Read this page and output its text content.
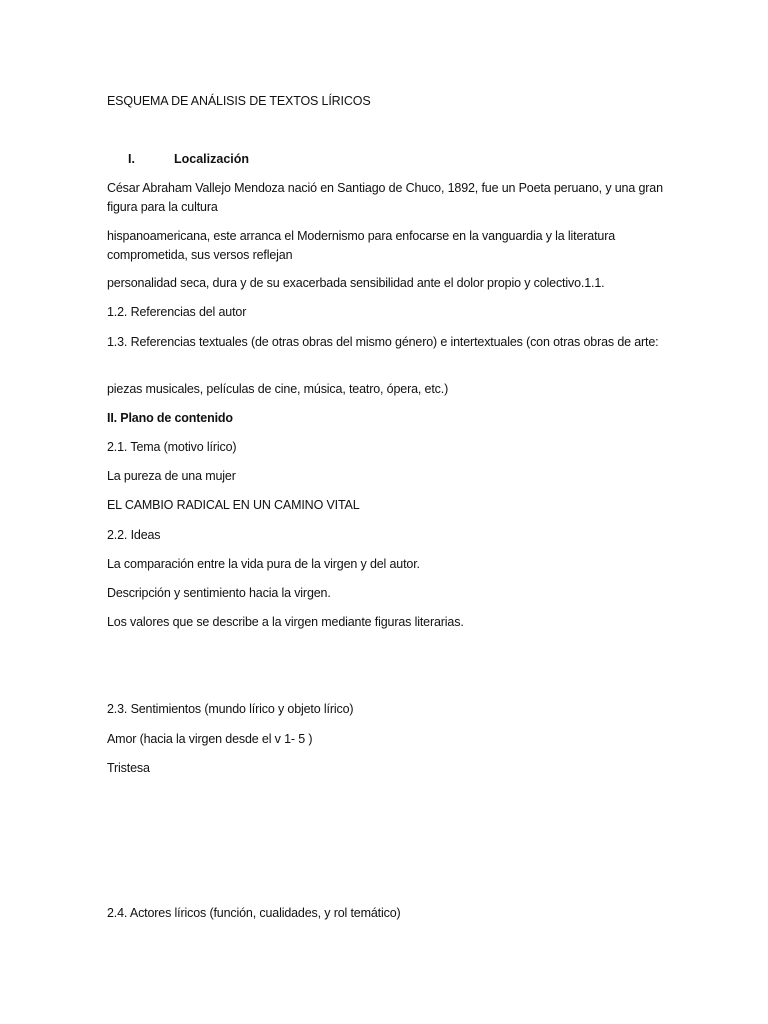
ESQUEMA DE ANÁLISIS DE TEXTOS LÍRICOS

I.	Localización

César Abraham Vallejo Mendoza nació en Santiago de Chuco, 1892, fue un Poeta peruano, y una gran figura para la cultura

hispanoamericana, este arranca el Modernismo para enfocarse en la vanguardia y la literatura comprometida, sus versos reflejan

personalidad seca, dura y de su exacerbada sensibilidad ante el dolor propio y colectivo.1.1.

1.2. Referencias del autor

1.3. Referencias textuales (de otras obras del mismo género) e intertextuales (con otras obras de arte:

piezas musicales, películas de cine, música, teatro, ópera, etc.)

II. Plano de contenido

2.1. Tema (motivo lírico)

La pureza de una mujer

EL CAMBIO RADICAL EN UN CAMINO VITAL

2.2. Ideas

La comparación entre la vida pura de la virgen y del autor.

Descripción y sentimiento hacia la virgen.

Los valores que se describe a la virgen mediante figuras literarias.

2.3. Sentimientos (mundo lírico y objeto lírico)

Amor (hacia la virgen desde el v 1- 5 )

Tristesa

2.4. Actores líricos (función, cualidades, y rol temático)
